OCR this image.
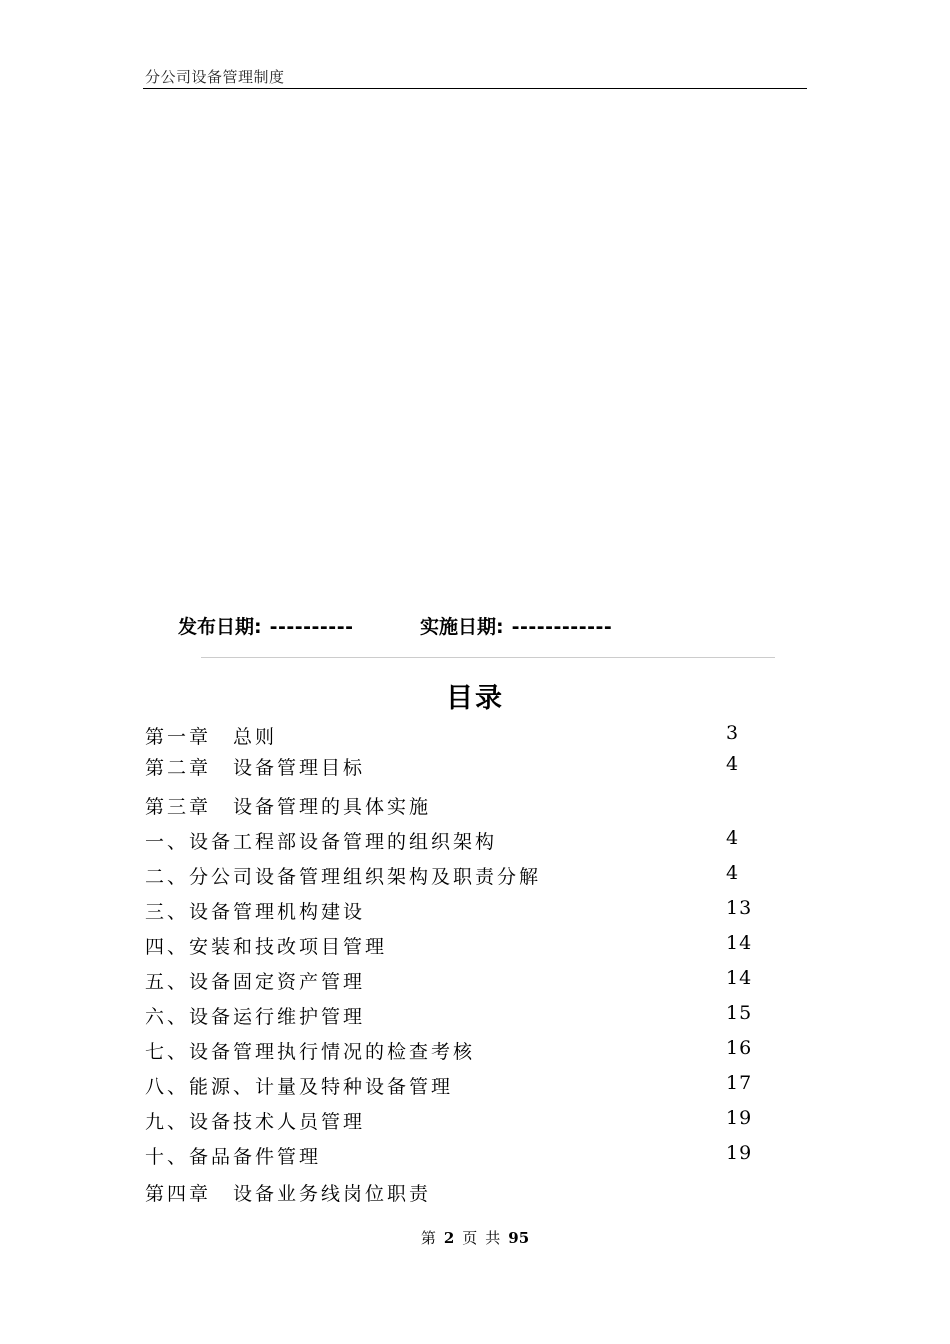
分公司设备管理制度
发布日期: ----------	实施日期: ------------
目录
第一章　总则	3
第二章　设备管理目标	4
第三章　设备管理的具体实施
一、设备工程部设备管理的组织架构	4
二、分公司设备管理组织架构及职责分解	4
三、设备管理机构建设	13
四、安装和技改项目管理	14
五、设备固定资产管理	14
六、设备运行维护管理	15
七、设备管理执行情况的检查考核	16
八、能源、计量及特种设备管理	17
九、设备技术人员管理	19
十、备品备件管理	19
第四章　设备业务线岗位职责
第 2 页 共 95
